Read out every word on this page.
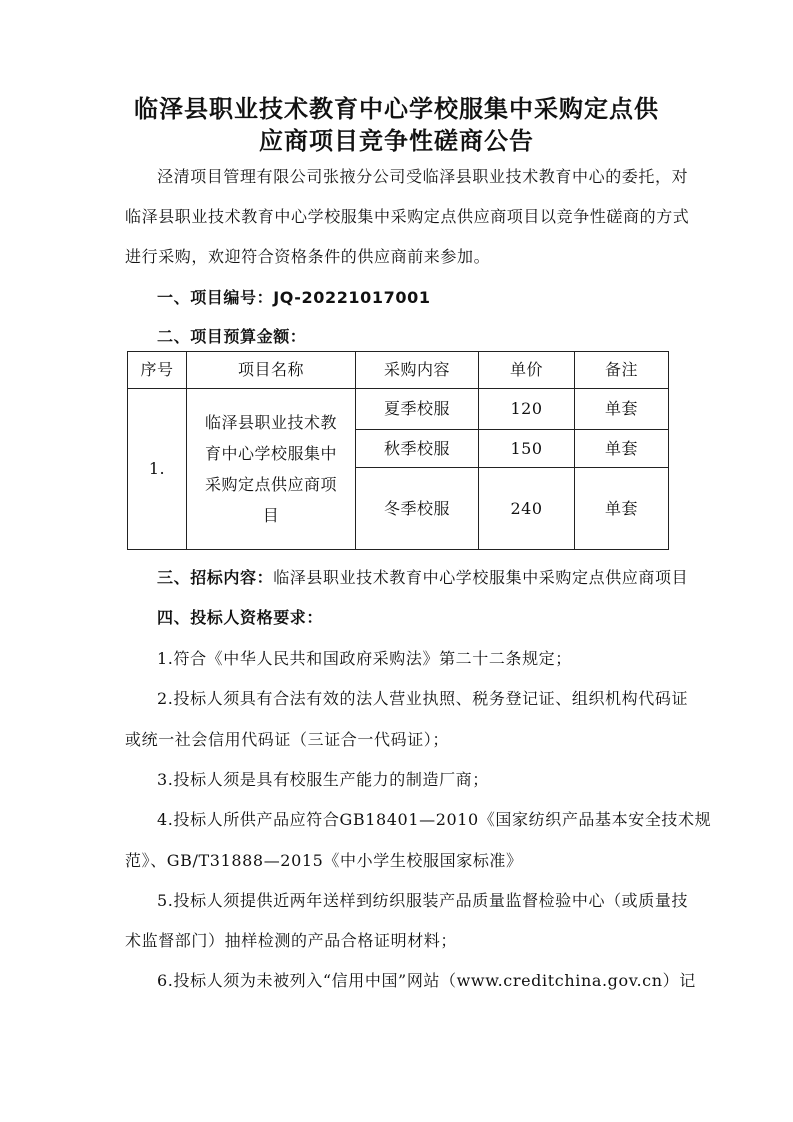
临泽县职业技术教育中心学校服集中采购定点供
应商项目竞争性磋商公告
泾清项目管理有限公司张掖分公司受临泽县职业技术教育中心的委托，对
临泽县职业技术教育中心学校服集中采购定点供应商项目以竞争性磋商的方式
进行采购，欢迎符合资格条件的供应商前来参加。
一、项目编号：JQ-20221017001
二、项目预算金额：
序号	项目名称	采购内容	单价	备注
1.	临泽县职业技术教育中心学校服集中采购定点供应商项目	夏季校服	120	单套
		秋季校服	150	单套
		冬季校服	240	单套
三、招标内容：临泽县职业技术教育中心学校服集中采购定点供应商项目
四、投标人资格要求：
1.符合《中华人民共和国政府采购法》第二十二条规定；
2.投标人须具有合法有效的法人营业执照、税务登记证、组织机构代码证
或统一社会信用代码证（三证合一代码证）；
3.投标人须是具有校服生产能力的制造厂商；
4.投标人所供产品应符合GB18401—2010《国家纺织产品基本安全技术规
范》、GB/T31888—2015《中小学生校服国家标准》
5.投标人须提供近两年送样到纺织服装产品质量监督检验中心（或质量技
术监督部门）抽样检测的产品合格证明材料；
6.投标人须为未被列入“信用中国”网站（www.creditchina.gov.cn）记
